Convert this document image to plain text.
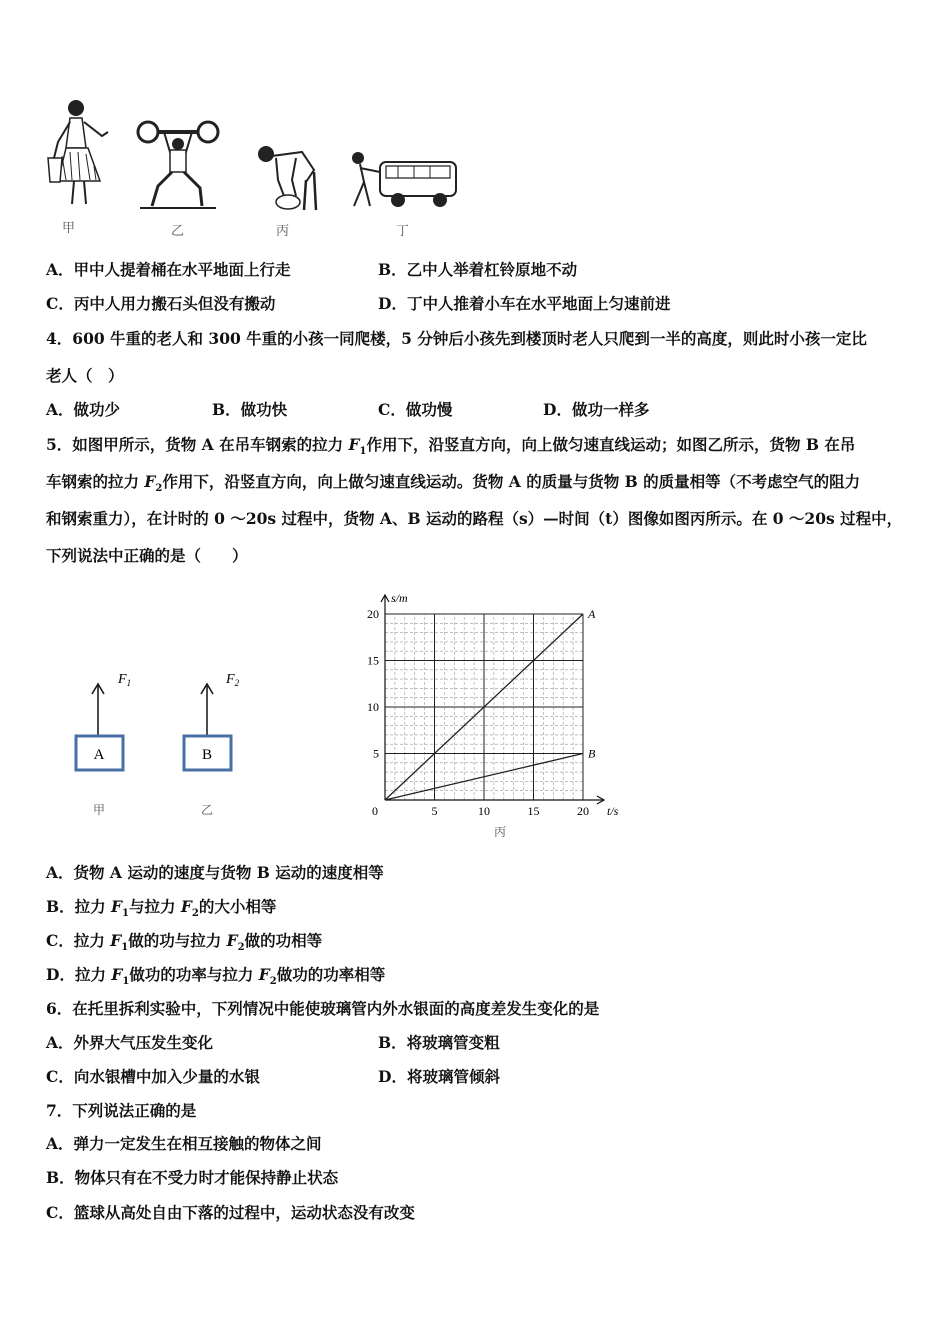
甲	乙	丙	丁
A．甲中人提着桶在水平地面上行走	B．乙中人举着杠铃原地不动
C．丙中人用力搬石头但没有搬动	D．丁中人推着小车在水平地面上匀速前进
4．600 牛重的老人和 300 牛重的小孩一同爬楼，5 分钟后小孩先到楼顶时老人只爬到一半的高度，则此时小孩一定比
老人（　）
A．做功少	B．做功快	C．做功慢	D．做功一样多
5．如图甲所示，货物 A 在吊车钢索的拉力 $F_1$作用下，沿竖直方向，向上做匀速直线运动；如图乙所示，货物 B 在吊
车钢索的拉力 $F_2$作用下，沿竖直方向，向上做匀速直线运动。货物 A 的质量与货物 B 的质量相等（不考虑空气的阻力
和钢索重力），在计时的 0 ～20s 过程中，货物 A、B 运动的路程（s）—时间（t）图像如图丙所示。在 0 ～20s 过程中，
下列说法中正确的是（　　）
$F_1$
A
$F_2$
B
甲	乙
s/m
t/s
0	5	10	15	20
5
10
15
20	A
B
丙
A．货物 A 运动的速度与货物 B 运动的速度相等
B．拉力 $F_1$与拉力 $F_2$的大小相等
C．拉力 $F_1$做的功与拉力 $F_2$做的功相等
D．拉力 $F_1$做功的功率与拉力 $F_2$做功的功率相等
6．在托里拆利实验中，下列情况中能使玻璃管内外水银面的高度差发生变化的是
A．外界大气压发生变化	B．将玻璃管变粗
C．向水银槽中加入少量的水银	D．将玻璃管倾斜
7．下列说法正确的是
A．弹力一定发生在相互接触的物体之间
B．物体只有在不受力时才能保持静止状态
C．篮球从高处自由下落的过程中，运动状态没有改变
